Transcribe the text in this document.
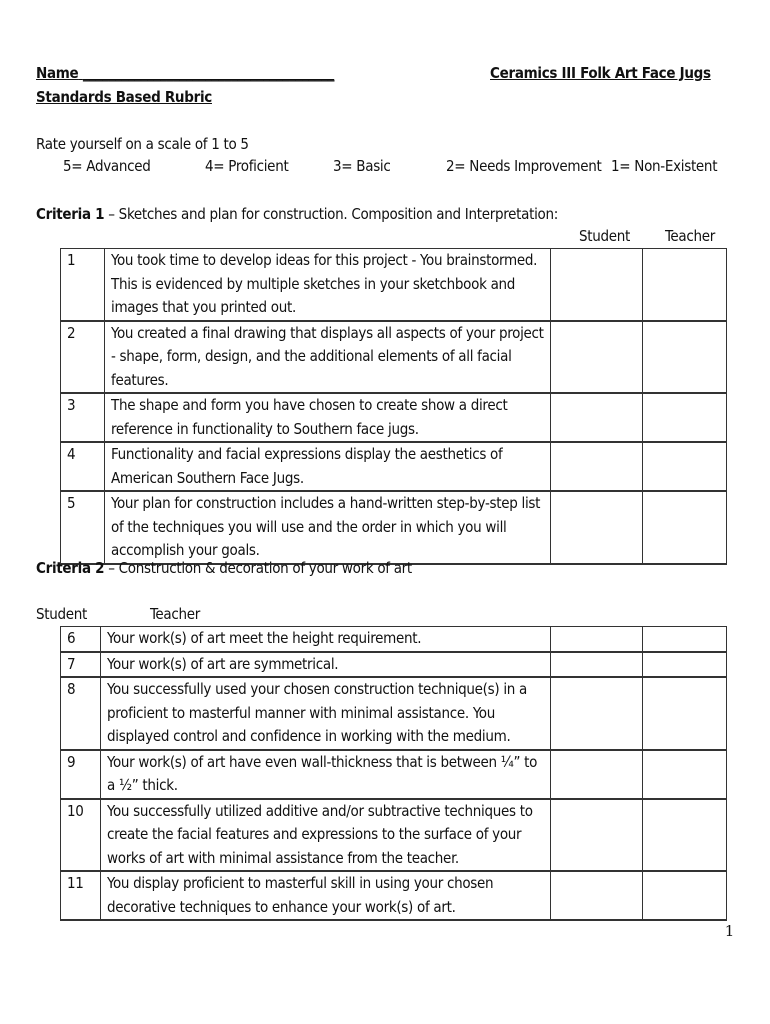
Name _______________________________________	Ceramics III Folk Art Face Jugs
Standards Based Rubric
Rate yourself on a scale of 1 to 5
5= Advanced	4= Proficient	3= Basic	2= Needs Improvement 1= Non-Existent
Criteria 1 – Sketches and plan for construction. Composition and Interpretation:
Student Teacher
1	You took time to develop ideas for this project - You brainstormed. This is evidenced by multiple sketches in your sketchbook and images that you printed out.		
2	You created a final drawing that displays all aspects of your project - shape, form, design, and the additional elements of all facial features.		
3	The shape and form you have chosen to create show a direct reference in functionality to Southern face jugs.		
4	Functionality and facial expressions display the aesthetics of American Southern Face Jugs.		
5	Your plan for construction includes a hand-written step-by-step list of the techniques you will use and the order in which you will accomplish your goals.		
Criteria 2 – Construction & decoration of your work of art
Student	Teacher
6	Your work(s) of art meet the height requirement.		
7	Your work(s) of art are symmetrical.		
8	You successfully used your chosen construction technique(s) in a proficient to masterful manner with minimal assistance. You displayed control and confidence in working with the medium.		
9	Your work(s) of art have even wall-thickness that is between ¼” to a ½” thick.		
10	You successfully utilized additive and/or subtractive techniques to create the facial features and expressions to the surface of your works of art with minimal assistance from the teacher.		
11	You display proficient to masterful skill in using your chosen decorative techniques to enhance your work(s) of art.		
1
